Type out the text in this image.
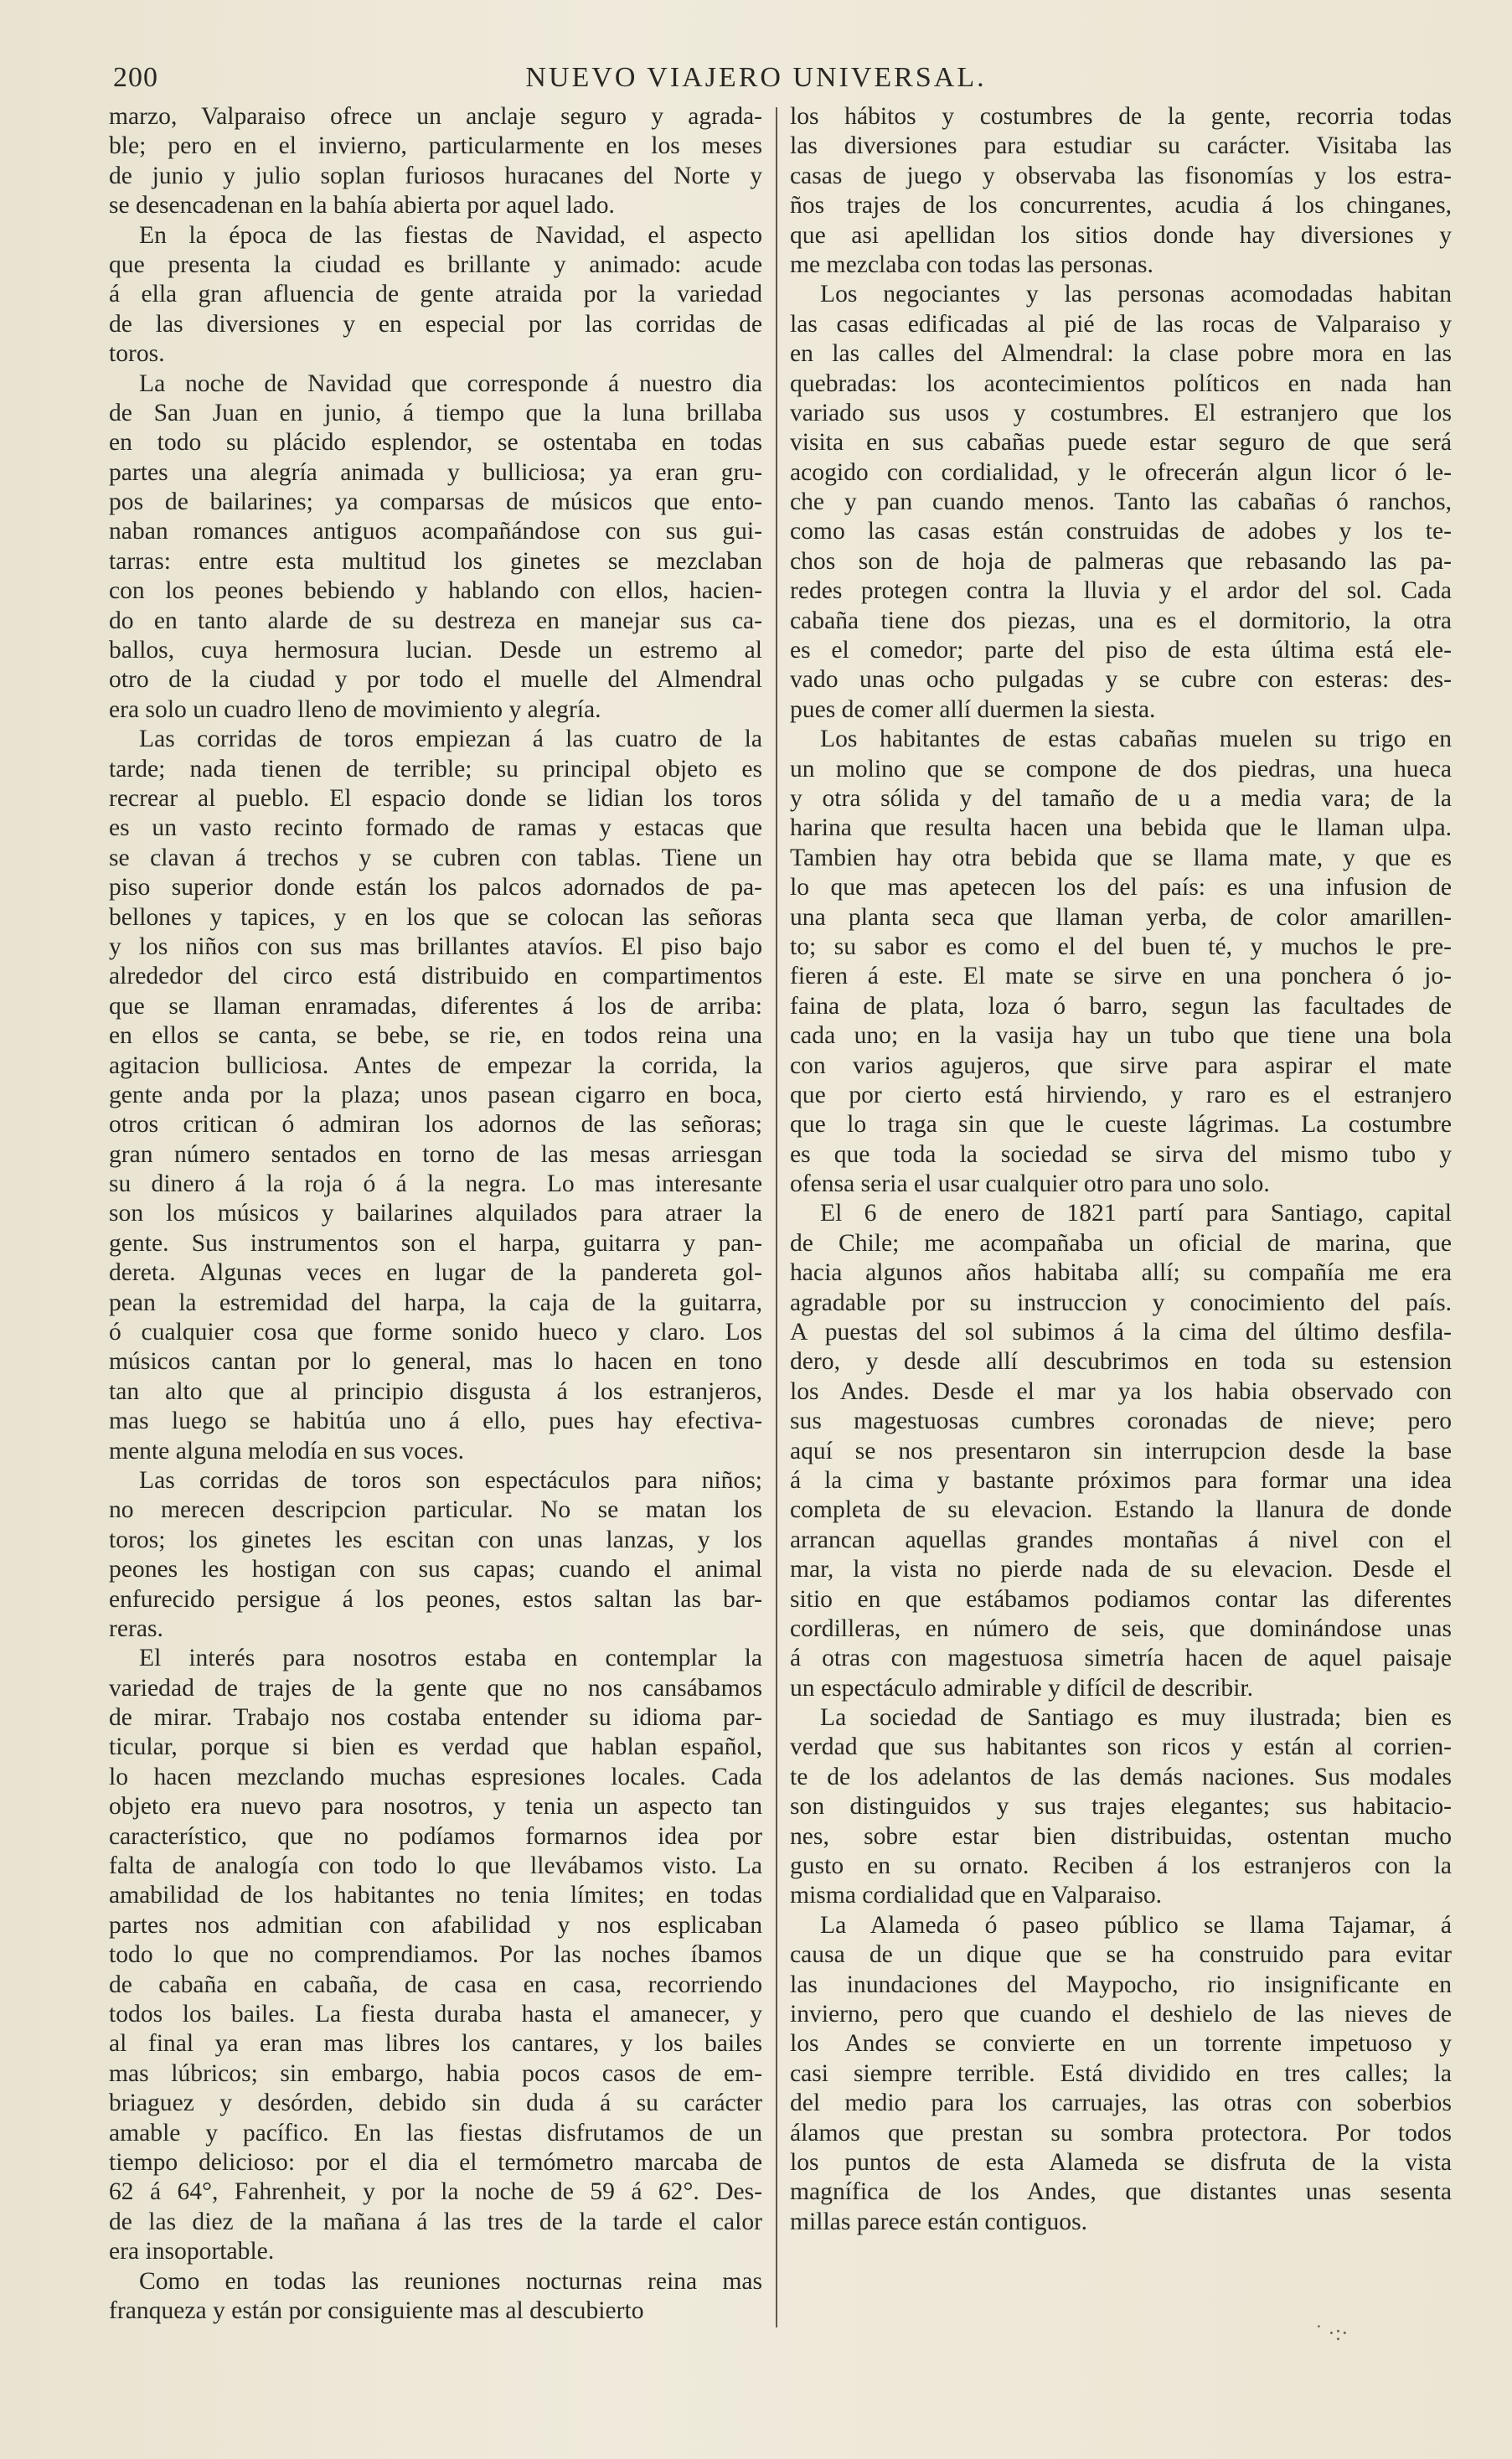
200	NUEVO VIAJERO UNIVERSAL.
marzo, Valparaiso ofrece un anclaje seguro y agrada-
ble; pero en el invierno, particularmente en los meses
de junio y julio soplan furiosos huracanes del Norte y
se desencadenan en la bahía abierta por aquel lado.
En la época de las fiestas de Navidad, el aspecto
que presenta la ciudad es brillante y animado: acude
á ella gran afluencia de gente atraida por la variedad
de las diversiones y en especial por las corridas de
toros.
La noche de Navidad que corresponde á nuestro dia
de San Juan en junio, á tiempo que la luna brillaba
en todo su plácido esplendor, se ostentaba en todas
partes una alegría animada y bulliciosa; ya eran gru-
pos de bailarines; ya comparsas de músicos que ento-
naban romances antiguos acompañándose con sus gui-
tarras: entre esta multitud los ginetes se mezclaban
con los peones bebiendo y hablando con ellos, hacien-
do en tanto alarde de su destreza en manejar sus ca-
ballos, cuya hermosura lucian. Desde un estremo al
otro de la ciudad y por todo el muelle del Almendral
era solo un cuadro lleno de movimiento y alegría.
Las corridas de toros empiezan á las cuatro de la
tarde; nada tienen de terrible; su principal objeto es
recrear al pueblo. El espacio donde se lidian los toros
es un vasto recinto formado de ramas y estacas que
se clavan á trechos y se cubren con tablas. Tiene un
piso superior donde están los palcos adornados de pa-
bellones y tapices, y en los que se colocan las señoras
y los niños con sus mas brillantes atavíos. El piso bajo
alrededor del circo está distribuido en compartimentos
que se llaman enramadas, diferentes á los de arriba:
en ellos se canta, se bebe, se rie, en todos reina una
agitacion bulliciosa. Antes de empezar la corrida, la
gente anda por la plaza; unos pasean cigarro en boca,
otros critican ó admiran los adornos de las señoras;
gran número sentados en torno de las mesas arriesgan
su dinero á la roja ó á la negra. Lo mas interesante
son los músicos y bailarines alquilados para atraer la
gente. Sus instrumentos son el harpa, guitarra y pan-
dereta. Algunas veces en lugar de la pandereta gol-
pean la estremidad del harpa, la caja de la guitarra,
ó cualquier cosa que forme sonido hueco y claro. Los
músicos cantan por lo general, mas lo hacen en tono
tan alto que al principio disgusta á los estranjeros,
mas luego se habitúa uno á ello, pues hay efectiva-
mente alguna melodía en sus voces.
Las corridas de toros son espectáculos para niños;
no merecen descripcion particular. No se matan los
toros; los ginetes les escitan con unas lanzas, y los
peones les hostigan con sus capas; cuando el animal
enfurecido persigue á los peones, estos saltan las bar-
reras.
El interés para nosotros estaba en contemplar la
variedad de trajes de la gente que no nos cansábamos
de mirar. Trabajo nos costaba entender su idioma par-
ticular, porque si bien es verdad que hablan español,
lo hacen mezclando muchas espresiones locales. Cada
objeto era nuevo para nosotros, y tenia un aspecto tan
característico, que no podíamos formarnos idea por
falta de analogía con todo lo que llevábamos visto. La
amabilidad de los habitantes no tenia límites; en todas
partes nos admitian con afabilidad y nos esplicaban
todo lo que no comprendiamos. Por las noches íbamos
de cabaña en cabaña, de casa en casa, recorriendo
todos los bailes. La fiesta duraba hasta el amanecer, y
al final ya eran mas libres los cantares, y los bailes
mas lúbricos; sin embargo, habia pocos casos de em-
briaguez y desórden, debido sin duda á su carácter
amable y pacífico. En las fiestas disfrutamos de un
tiempo delicioso: por el dia el termómetro marcaba de
62 á 64°, Fahrenheit, y por la noche de 59 á 62°. Des-
de las diez de la mañana á las tres de la tarde el calor
era insoportable.
Como en todas las reuniones nocturnas reina mas
franqueza y están por consiguiente mas al descubierto
los hábitos y costumbres de la gente, recorria todas
las diversiones para estudiar su carácter. Visitaba las
casas de juego y observaba las fisonomías y los estra-
ños trajes de los concurrentes, acudia á los chinganes,
que asi apellidan los sitios donde hay diversiones y
me mezclaba con todas las personas.
Los negociantes y las personas acomodadas habitan
las casas edificadas al pié de las rocas de Valparaiso y
en las calles del Almendral: la clase pobre mora en las
quebradas: los acontecimientos políticos en nada han
variado sus usos y costumbres. El estranjero que los
visita en sus cabañas puede estar seguro de que será
acogido con cordialidad, y le ofrecerán algun licor ó le-
che y pan cuando menos. Tanto las cabañas ó ranchos,
como las casas están construidas de adobes y los te-
chos son de hoja de palmeras que rebasando las pa-
redes protegen contra la lluvia y el ardor del sol. Cada
cabaña tiene dos piezas, una es el dormitorio, la otra
es el comedor; parte del piso de esta última está ele-
vado unas ocho pulgadas y se cubre con esteras: des-
pues de comer allí duermen la siesta.
Los habitantes de estas cabañas muelen su trigo en
un molino que se compone de dos piedras, una hueca
y otra sólida y del tamaño de u a media vara; de la
harina que resulta hacen una bebida que le llaman ulpa.
Tambien hay otra bebida que se llama mate, y que es
lo que mas apetecen los del país: es una infusion de
una planta seca que llaman yerba, de color amarillen-
to; su sabor es como el del buen té, y muchos le pre-
fieren á este. El mate se sirve en una ponchera ó jo-
faina de plata, loza ó barro, segun las facultades de
cada uno; en la vasija hay un tubo que tiene una bola
con varios agujeros, que sirve para aspirar el mate
que por cierto está hirviendo, y raro es el estranjero
que lo traga sin que le cueste lágrimas. La costumbre
es que toda la sociedad se sirva del mismo tubo y
ofensa seria el usar cualquier otro para uno solo.
El 6 de enero de 1821 partí para Santiago, capital
de Chile; me acompañaba un oficial de marina, que
hacia algunos años habitaba allí; su compañía me era
agradable por su instruccion y conocimiento del país.
A puestas del sol subimos á la cima del último desfila-
dero, y desde allí descubrimos en toda su estension
los Andes. Desde el mar ya los habia observado con
sus magestuosas cumbres coronadas de nieve; pero
aquí se nos presentaron sin interrupcion desde la base
á la cima y bastante próximos para formar una idea
completa de su elevacion. Estando la llanura de donde
arrancan aquellas grandes montañas á nivel con el
mar, la vista no pierde nada de su elevacion. Desde el
sitio en que estábamos podiamos contar las diferentes
cordilleras, en número de seis, que dominándose unas
á otras con magestuosa simetría hacen de aquel paisaje
un espectáculo admirable y difícil de describir.
La sociedad de Santiago es muy ilustrada; bien es
verdad que sus habitantes son ricos y están al corrien-
te de los adelantos de las demás naciones. Sus modales
son distinguidos y sus trajes elegantes; sus habitacio-
nes, sobre estar bien distribuidas, ostentan mucho
gusto en su ornato. Reciben á los estranjeros con la
misma cordialidad que en Valparaiso.
La Alameda ó paseo público se llama Tajamar, á
causa de un dique que se ha construido para evitar
las inundaciones del Maypocho, rio insignificante en
invierno, pero que cuando el deshielo de las nieves de
los Andes se convierte en un torrente impetuoso y
casi siempre terrible. Está dividido en tres calles; la
del medio para los carruajes, las otras con soberbios
álamos que prestan su sombra protectora. Por todos
los puntos de esta Alameda se disfruta de la vista
magnífica de los Andes, que distantes unas sesenta
millas parece están contiguos.
˙ ·:·
